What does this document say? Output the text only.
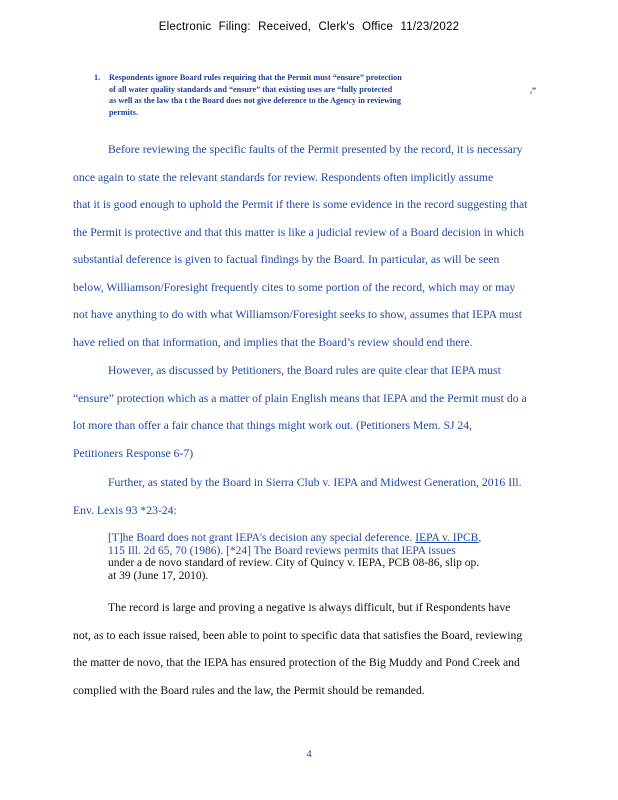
Electronic Filing: Received, Clerk's Office 11/23/2022
1. Respondents ignore Board rules requiring that the Permit must “ensure” protection
of all water quality standards and “ensure” that existing uses are “fully protected
as well as the law tha t the Board does not give deference to the Agency in reviewing
permits.
,”

Before reviewing the specific faults of the Permit presented by the record, it is necessary

once again to state the relevant standards for review. Respondents often implicitly assume

that it is good enough to uphold the Permit if there is some evidence in the record suggesting that

the Permit is protective and that this matter is like a judicial review of a Board decision in which

substantial deference is given to factual findings by the Board. In particular, as will be seen

below, Williamson/Foresight frequently cites to some portion of the record, which may or may

not have anything to do with what Williamson/Foresight seeks to show, assumes that IEPA must

have relied on that information, and implies that the Board’s review should end there.

However, as discussed by Petitioners, the Board rules are quite clear that IEPA must

“ensure” protection which as a matter of plain English means that IEPA and the Permit must do a

lot more than offer a fair chance that things might work out. (Petitioners Mem. SJ 24,

Petitioners Response 6-7)

Further, as stated by the Board in Sierra Club v. IEPA and Midwest Generation, 2016 Ill.

Env. Lexis 93 *23-24:

[T]he Board does not grant IEPA's decision any special deference. IEPA v. IPCB,
115 Ill. 2d 65, 70 (1986). [*24] The Board reviews permits that IEPA issues
under a de novo standard of review. City of Quincy v. IEPA, PCB 08-86, slip op.
at 39 (June 17, 2010).

The record is large and proving a negative is always difficult, but if Respondents have

not, as to each issue raised, been able to point to specific data that satisfies the Board, reviewing

the matter de novo, that the IEPA has ensured protection of the Big Muddy and Pond Creek and

complied with the Board rules and the law, the Permit should be remanded.

4
